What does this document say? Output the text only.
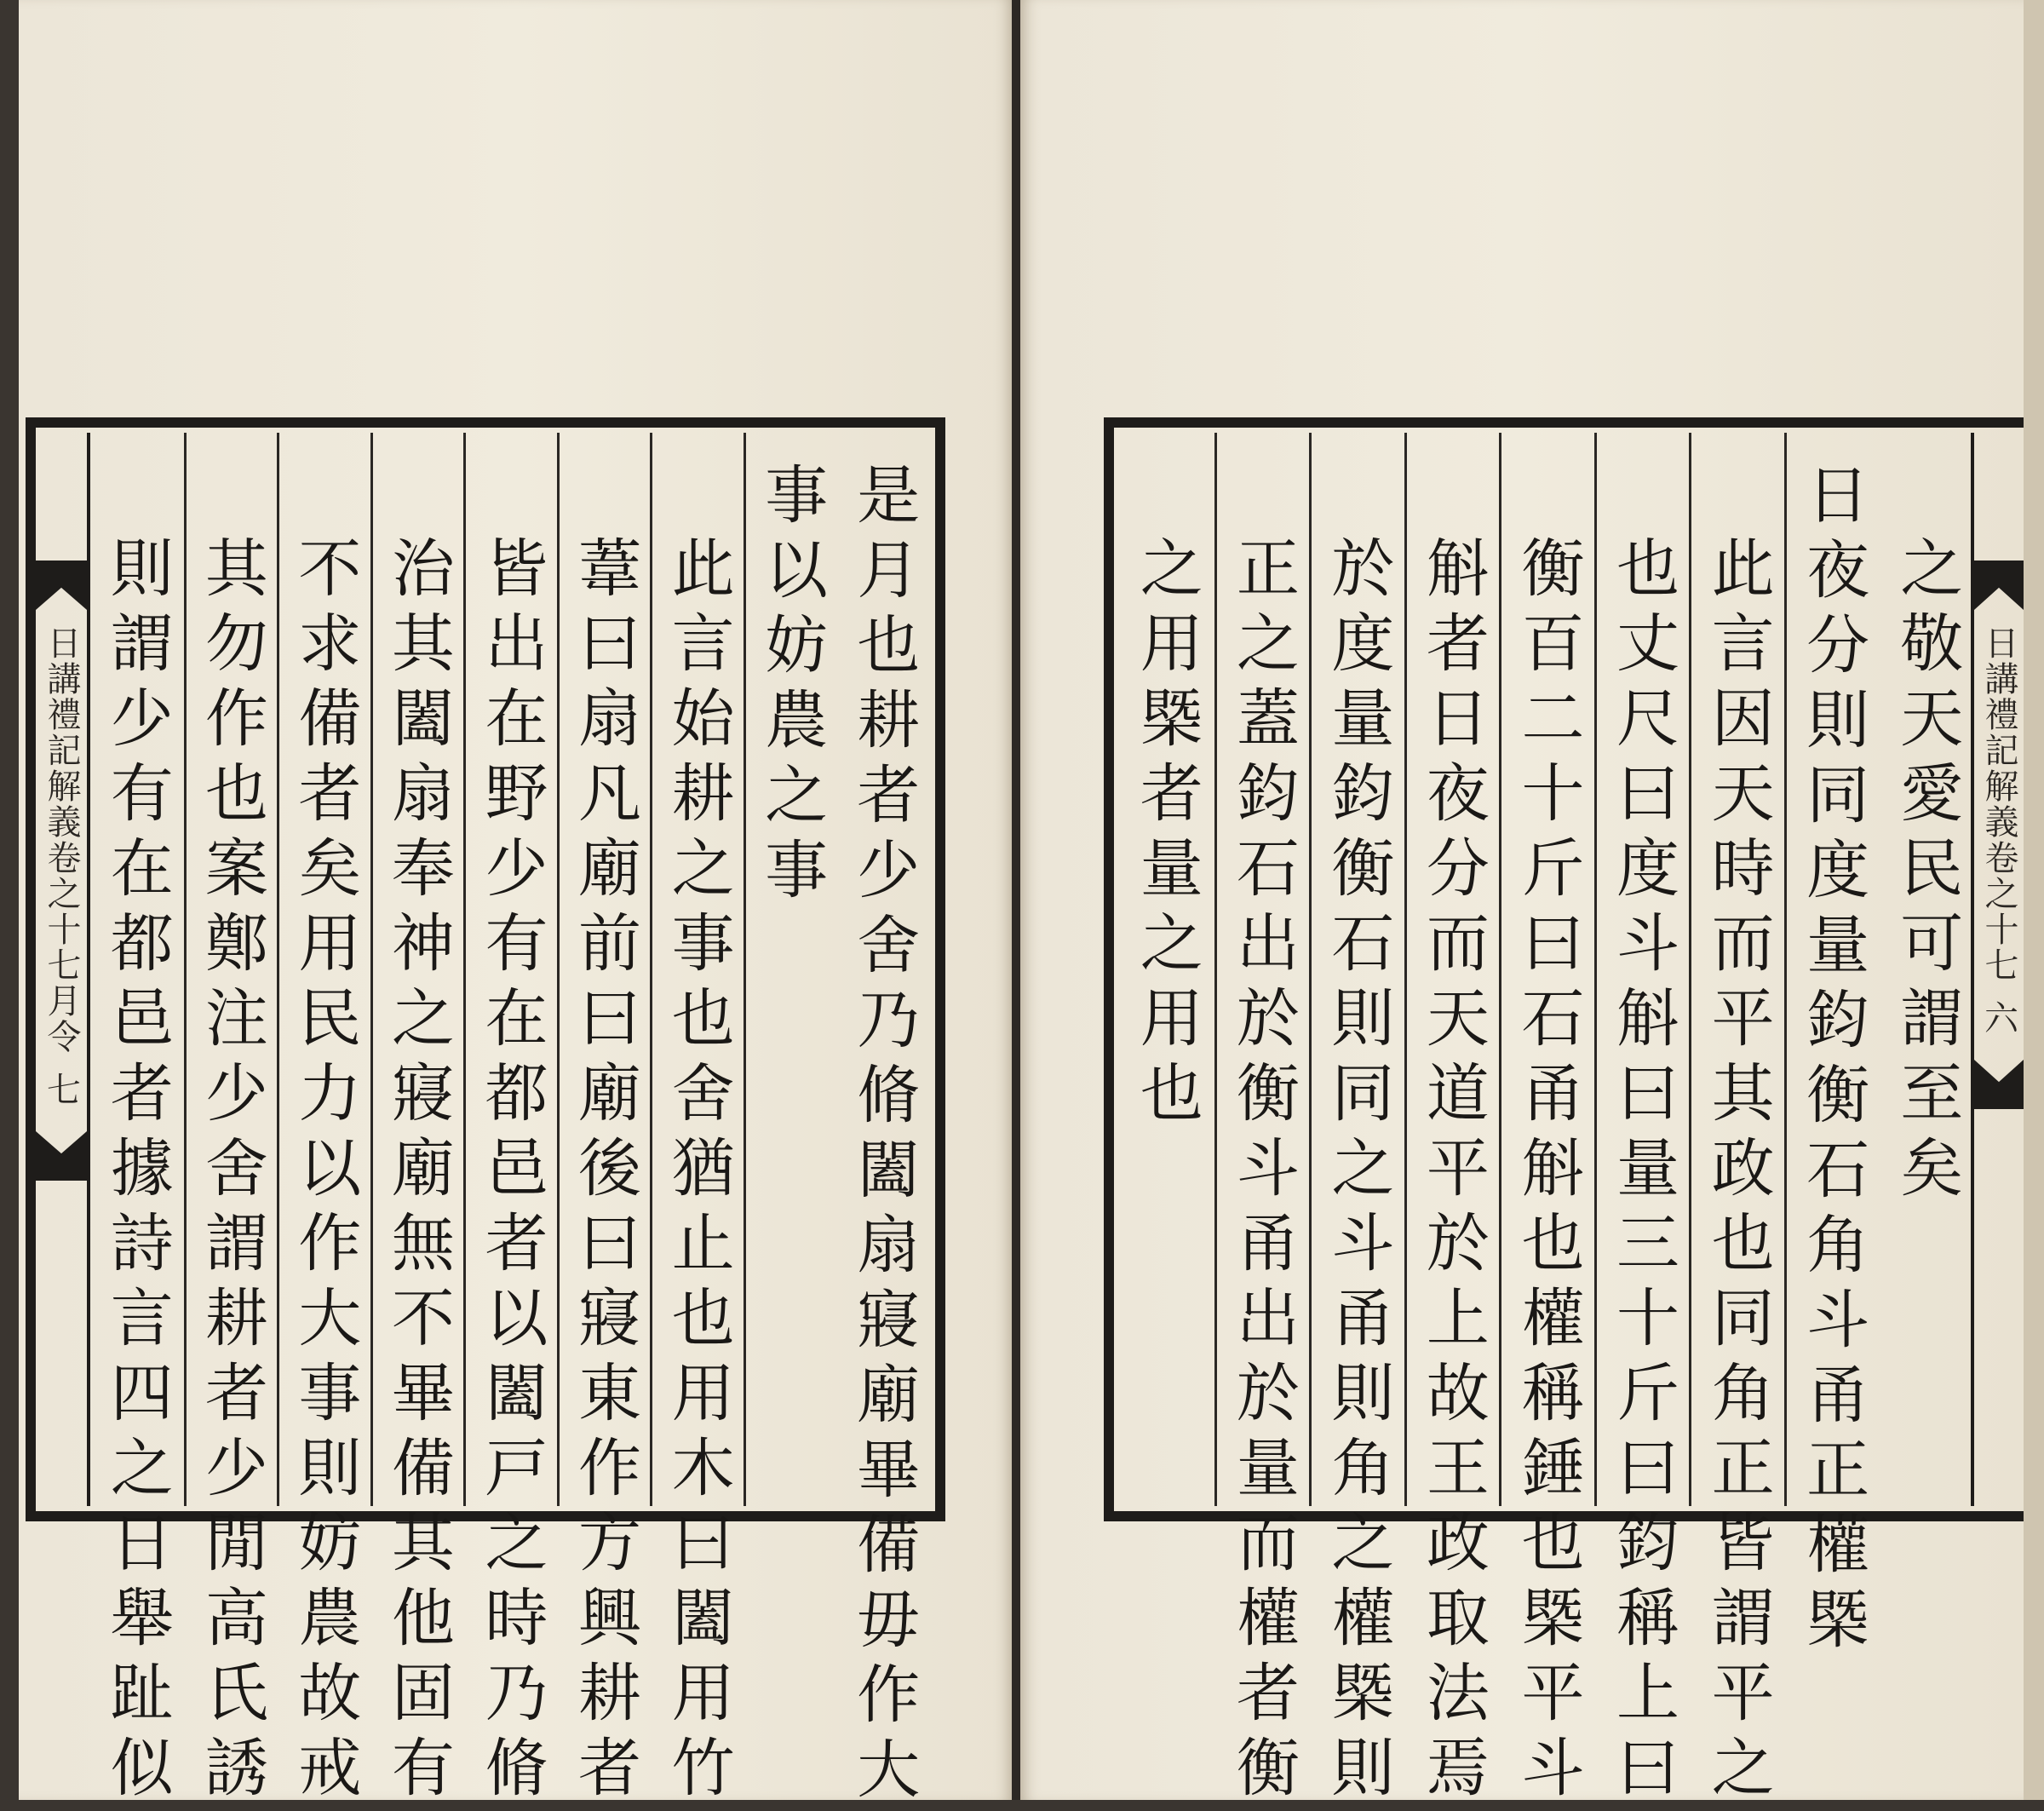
日講禮記解義卷之十七月令
七	是月也耕者少舍乃脩闔扇寢廟畢備毋作大
事以妨農之事
此言始耕之事也舍猶止也用木曰闔用竹
葦曰扇凡廟前曰廟後曰寢東作方興耕者
皆出在野少有在都邑者以闔戸之時乃脩
治其闔扇奉神之寢廟無不畢備其他固有
不求備者矣用民力以作大事則妨農故戒
其勿作也案鄭注少舍謂耕者少閒高氏誘
則謂少有在都邑者據詩言四之日舉趾似	之敬天愛民可謂至矣
日夜分則同度量鈞衡石角斗甬正權槩
此言因天時而平其政也同角正皆謂平之
也丈尺曰度斗斛曰量三十斤曰鈞稱上曰
衡百二十斤曰石甬斛也權稱錘也槩平斗
斛者日夜分而天道平於上故王政取法焉
於度量鈞衡石則同之斗甬則角之權槩則
正之蓋鈞石出於衡斗甬出於量而權者衡
之用槩者量之用也	日講禮記解義卷之十七
六
